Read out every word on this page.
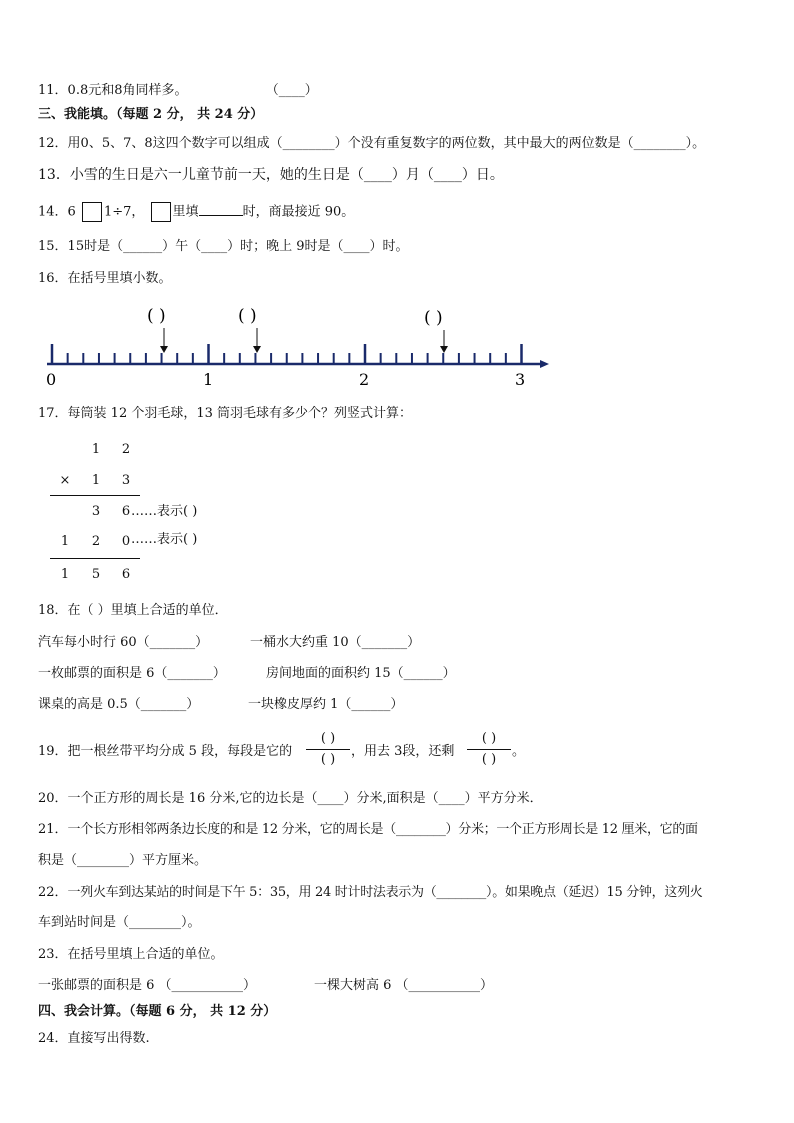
11．0.8元和8角同样多。	（____）
三、我能填。（每题 2 分， 共 24 分）
12．用0、5、7、8这四个数字可以组成（________）个没有重复数字的两位数，其中最大的两位数是（________）。
13．小雪的生日是六一儿童节前一天，她的生日是（____）月（____）日。
14．6 1÷7， 里填	时，商最接近 90。
15．15时是（______）午（____）时；晚上 9时是（____）时。
16．在括号里填小数。
( )	( )	( )
0	1	2	3
17．每筒装 12 个羽毛球，13 筒羽毛球有多少个？列竖式计算：
1 2
× 1 3
3 6 ……表示( )
1 2 0 ……表示( )
1 5 6
18．在（ ）里填上合适的单位．
汽车每小时行 60（_______）	一桶水大约重 10（_______）
一枚邮票的面积是 6（_______）	房间地面的面积约 15（______）
课桌的高是 0.5（_______）	一块橡皮厚约 1（______）
19．把一根丝带平均分成 5 段，每段是它的
( )
( )
，用去 3段，还剩
( )
( )
。
20．一个正方形的周长是 16 分米,它的边长是（____）分米,面积是（____）平方分米．
21．一个长方形相邻两条边长度的和是 12 分米，它的周长是（________）分米；一个正方形周长是 12 厘米，它的面
积是（________）平方厘米。
22．一列火车到达某站的时间是下午 5：35，用 24 时计时法表示为（________）。如果晚点（延迟）15 分钟，这列火
车到站时间是（________）。
23．在括号里填上合适的单位。
一张邮票的面积是 6 （___________）	一棵大树高 6 （___________）
四、我会计算。（每题 6 分， 共 12 分）
24．直接写出得数.
